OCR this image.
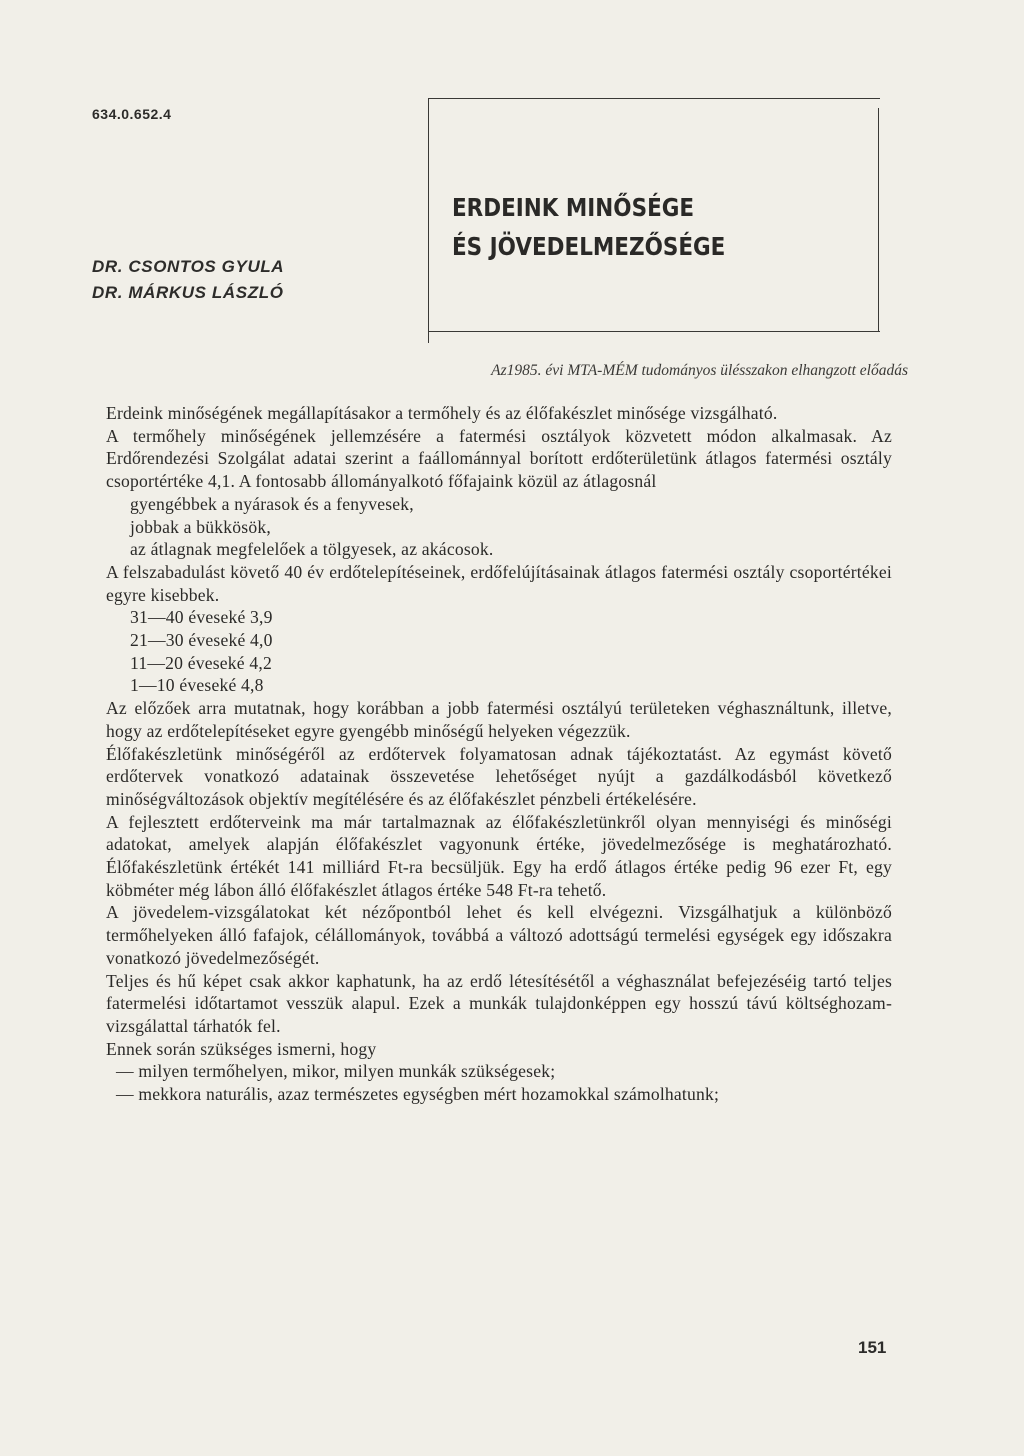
634.0.652.4
DR. CSONTOS GYULA
DR. MÁRKUS LÁSZLÓ
ERDEINK MINŐSÉGE
ÉS JÖVEDELMEZŐSÉGE
Az1985. évi MTA-MÉM tudományos ülésszakon elhangzott előadás

Erdeink minőségének megállapításakor a termőhely és az élőfakészlet minősége vizsgálható.

A termőhely minőségének jellemzésére a fatermési osztályok közvetett módon alkalmasak. Az Erdőrendezési Szolgálat adatai szerint a faállománnyal borított erdőterületünk átlagos fatermési osztály csoportértéke 4,1. A fontosabb állományalkotó főfajaink közül az átlagosnál

gyengébbek a nyárasok és a fenyvesek,
jobbak a bükkösök,
az átlagnak megfelelőek a tölgyesek, az akácosok.

A felszabadulást követő 40 év erdőtelepítéseinek, erdőfelújításainak átlagos fatermési osztály csoportértékei egyre kisebbek.

31—40 éveseké 3,9
21—30 éveseké 4,0
11—20 éveseké 4,2
1—10 éveseké 4,8

Az előzőek arra mutatnak, hogy korábban a jobb fatermési osztályú területeken véghasználtunk, illetve, hogy az erdőtelepítéseket egyre gyengébb minőségű helyeken végezzük.

Élőfakészletünk minőségéről az erdőtervek folyamatosan adnak tájékoztatást. Az egymást követő erdőtervek vonatkozó adatainak összevetése lehetőséget nyújt a gazdálkodásból következő minőségváltozások objektív megítélésére és az élőfakészlet pénzbeli értékelésére.

A fejlesztett erdőterveink ma már tartalmaznak az élőfakészletünkről olyan mennyiségi és minőségi adatokat, amelyek alapján élőfakészlet vagyonunk értéke, jövedelmezősége is meghatározható. Élőfakészletünk értékét 141 milliárd Ft-ra becsüljük. Egy ha erdő átlagos értéke pedig 96 ezer Ft, egy köbméter még lábon álló élőfakészlet átlagos értéke 548 Ft-ra tehető.

A jövedelem-vizsgálatokat két nézőpontból lehet és kell elvégezni. Vizsgálhatjuk a különböző termőhelyeken álló fafajok, célállományok, továbbá a változó adottságú termelési egységek egy időszakra vonatkozó jövedelmezőségét.

Teljes és hű képet csak akkor kaphatunk, ha az erdő létesítésétől a véghasználat befejezéséig tartó teljes fatermelési időtartamot vesszük alapul. Ezek a munkák tulajdonképpen egy hosszú távú költséghozam-vizsgálattal tárhatók fel.

Ennek során szükséges ismerni, hogy

— milyen termőhelyen, mikor, milyen munkák szükségesek;
— mekkora naturális, azaz természetes egységben mért hozamokkal számolhatunk;
151
